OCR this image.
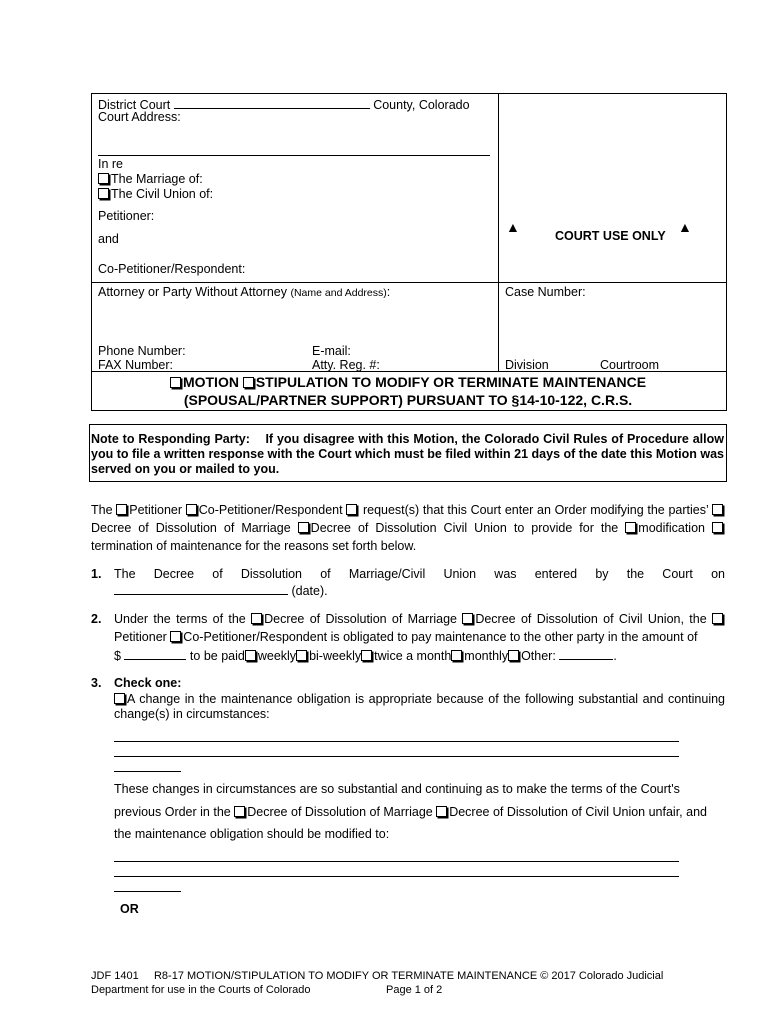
District Court	County, Colorado
Court Address:
In re
The Marriage of:
The Civil Union of:
Petitioner:
and
Co-Petitioner/Respondent:
▲
COURT USE ONLY
▲
Attorney or Party Without Attorney (Name and Address):	Case Number:
Phone Number:	E-mail:
FAX Number:	Atty. Reg. #:	Division	Courtroom
MOTION STIPULATION TO MODIFY OR TERMINATE MAINTENANCE
(SPOUSAL/PARTNER SUPPORT) PURSUANT TO §14-10-122, C.R.S.
Note to Responding Party: If you disagree with this Motion, the Colorado Civil Rules of Procedure allow you to file a written response with the Court which must be filed within 21 days of the date this Motion was served on you or mailed to you.
The Petitioner Co-Petitioner/Respondent request(s) that this Court enter an Order modifying the parties’ Decree of Dissolution of Marriage Decree of Dissolution Civil Union to provide for the modification termination of maintenance for the reasons set forth below.
1. The Decree of Dissolution of Marriage/Civil Union was entered by the Court on
(date).
2. Under the terms of the Decree of Dissolution of Marriage Decree of Dissolution of Civil Union, the Petitioner Co-Petitioner/Respondent is obligated to pay maintenance to the other party in the amount of
$	to be paid weekly bi-weekly twice a month monthly Other:	.
3. Check one:
A change in the maintenance obligation is appropriate because of the following substantial and continuing change(s) in circumstances:
These changes in circumstances are so substantial and continuing as to make the terms of the Court's
previous Order in the Decree of Dissolution of Marriage Decree of Dissolution of Civil Union unfair, and
the maintenance obligation should be modified to:
OR
JDF 1401     R8-17 MOTION/STIPULATION TO MODIFY OR TERMINATE MAINTENANCE © 2017 Colorado Judicial
Department for use in the Courts of Colorado	Page 1 of 2
